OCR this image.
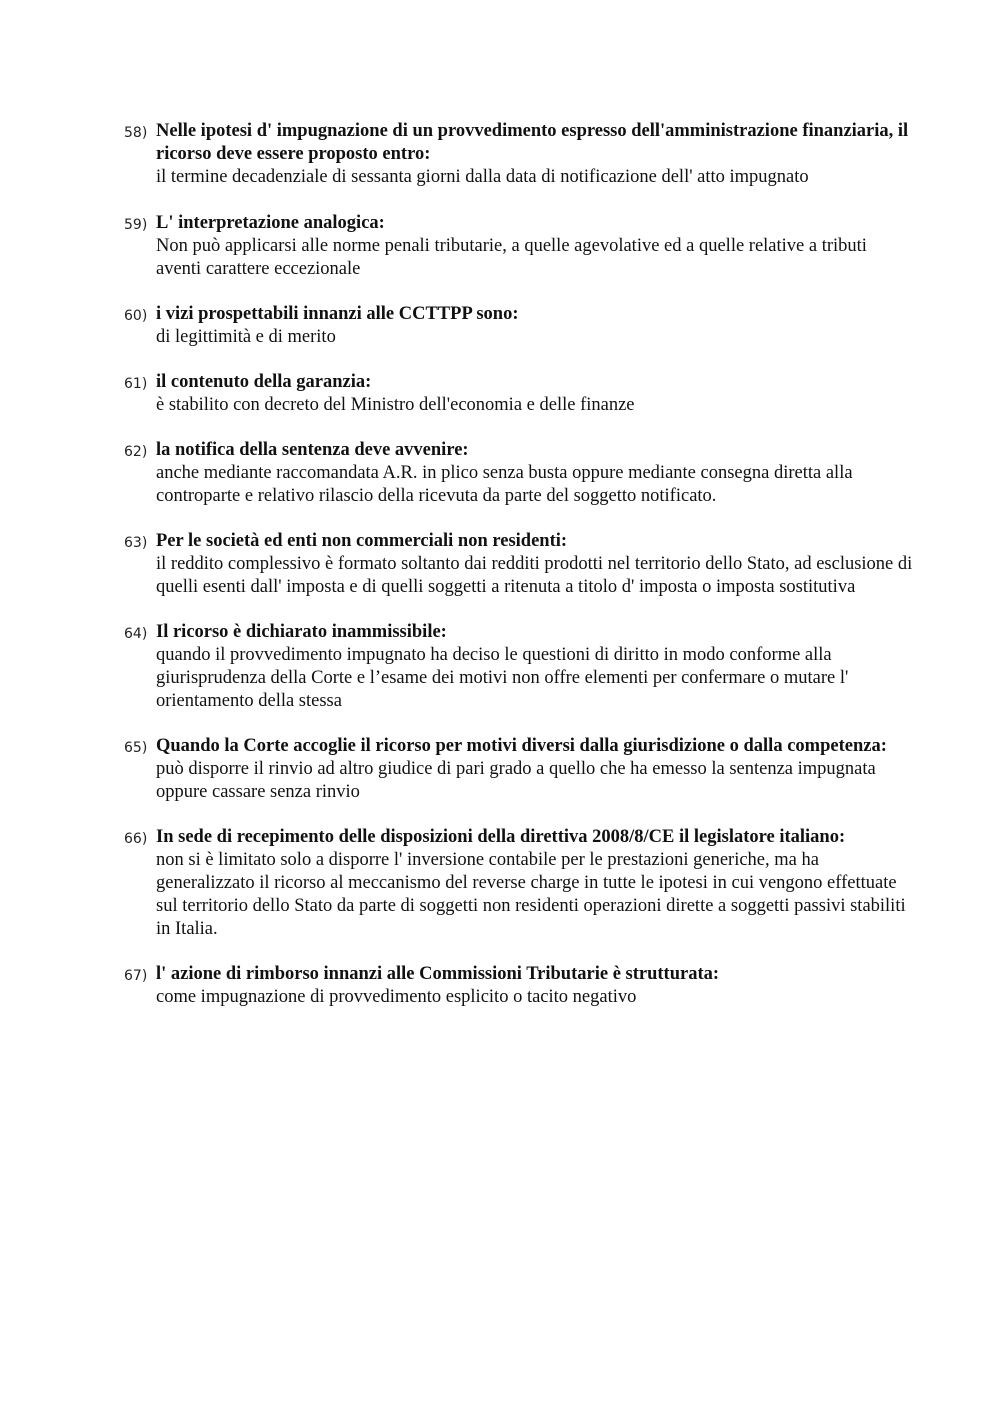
58) Nelle ipotesi d' impugnazione di un provvedimento espresso dell'amministrazione finanziaria, il ricorso deve essere proposto entro:

il termine decadenziale di sessanta giorni dalla data di notificazione dell' atto impugnato

59) L' interpretazione analogica:

Non può applicarsi alle norme penali tributarie, a quelle agevolative ed a quelle relative a tributi aventi carattere eccezionale

60) i vizi prospettabili innanzi alle CCTTPP sono:

di legittimità e di merito

61) il contenuto della garanzia:

è stabilito con decreto del Ministro dell'economia e delle finanze

62) la notifica della sentenza deve avvenire:

anche mediante raccomandata A.R. in plico senza busta oppure mediante consegna diretta alla controparte e relativo rilascio della ricevuta da parte del soggetto notificato.

63) Per le società ed enti non commerciali non residenti:

il reddito complessivo è formato soltanto dai redditi prodotti nel territorio dello Stato, ad esclusione di quelli esenti dall' imposta e di quelli soggetti a ritenuta a titolo d' imposta o imposta sostitutiva

64) Il ricorso è dichiarato inammissibile:

quando il provvedimento impugnato ha deciso le questioni di diritto in modo conforme alla giurisprudenza della Corte e l’esame dei motivi non offre elementi per confermare o mutare l' orientamento della stessa

65) Quando la Corte accoglie il ricorso per motivi diversi dalla giurisdizione o dalla competenza:

può disporre il rinvio ad altro giudice di pari grado a quello che ha emesso la sentenza impugnata oppure cassare senza rinvio

66) In sede di recepimento delle disposizioni della direttiva 2008/8/CE il legislatore italiano:

non si è limitato solo a disporre l' inversione contabile per le prestazioni generiche, ma ha generalizzato il ricorso al meccanismo del reverse charge in tutte le ipotesi in cui vengono effettuate sul territorio dello Stato da parte di soggetti non residenti operazioni dirette a soggetti passivi stabiliti in Italia.

67) l' azione di rimborso innanzi alle Commissioni Tributarie è strutturata:

come impugnazione di provvedimento esplicito o tacito negativo
